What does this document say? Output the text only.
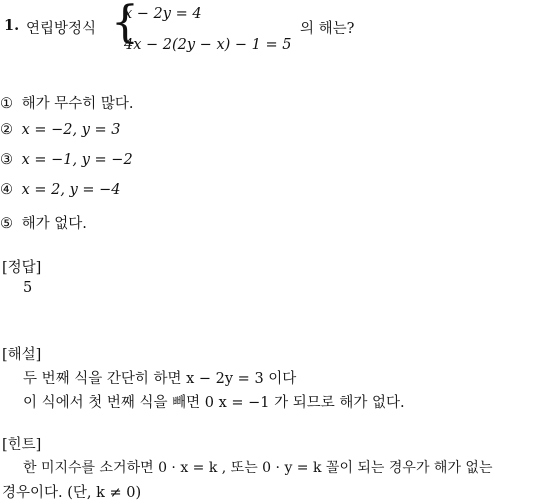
1. 연립방정식 {
x − 2y = 4
4x − 2(2y − x) − 1 = 5
의 해는?
① 해가 무수히 많다.
② x = −2, y = 3
③ x = −1, y = −2
④ x = 2, y = −4
⑤ 해가 없다.
[정답]
5
[해설]
두 번째 식을 간단히 하면 x − 2y = 3 이다
이 식에서 첫 번째 식을 빼면 0 x = −1 가 되므로 해가 없다.
[힌트]
한 미지수를 소거하면 0 · x = k , 또는 0 · y = k 꼴이 되는 경우가 해가 없는
경우이다. (단, k ≠ 0)
